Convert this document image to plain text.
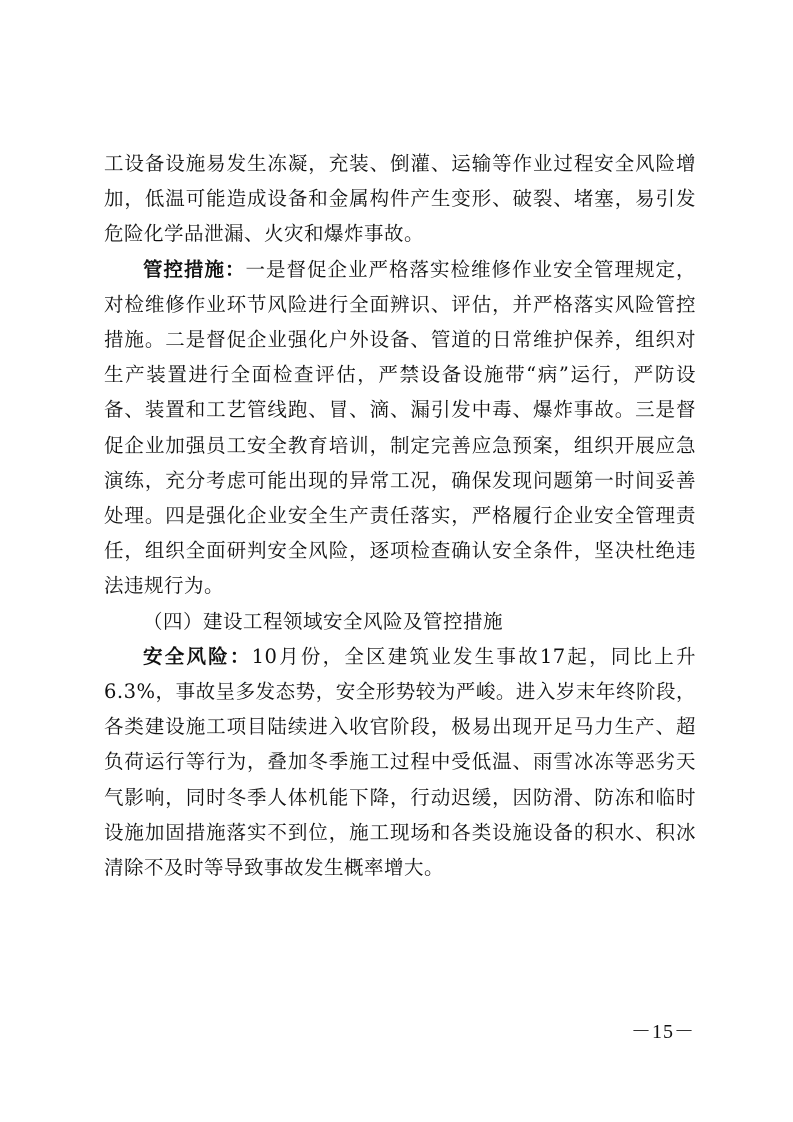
工设备设施易发生冻凝，充装、倒灌、运输等作业过程安全风险增加，低温可能造成设备和金属构件产生变形、破裂、堵塞，易引发危险化学品泄漏、火灾和爆炸事故。

管控措施：一是督促企业严格落实检维修作业安全管理规定，对检维修作业环节风险进行全面辨识、评估，并严格落实风险管控措施。二是督促企业强化户外设备、管道的日常维护保养，组织对生产装置进行全面检查评估，严禁设备设施带“病”运行，严防设备、装置和工艺管线跑、冒、滴、漏引发中毒、爆炸事故。三是督促企业加强员工安全教育培训，制定完善应急预案，组织开展应急演练，充分考虑可能出现的异常工况，确保发现问题第一时间妥善处理。四是强化企业安全生产责任落实，严格履行企业安全管理责任，组织全面研判安全风险，逐项检查确认安全条件，坚决杜绝违法违规行为。

（四）建设工程领域安全风险及管控措施

安全风险：10月份，全区建筑业发生事故17起，同比上升6.3%，事故呈多发态势，安全形势较为严峻。进入岁末年终阶段，各类建设施工项目陆续进入收官阶段，极易出现开足马力生产、超负荷运行等行为，叠加冬季施工过程中受低温、雨雪冰冻等恶劣天气影响，同时冬季人体机能下降，行动迟缓，因防滑、防冻和临时设施加固措施落实不到位，施工现场和各类设施设备的积水、积冰清除不及时等导致事故发生概率增大。

－15－
